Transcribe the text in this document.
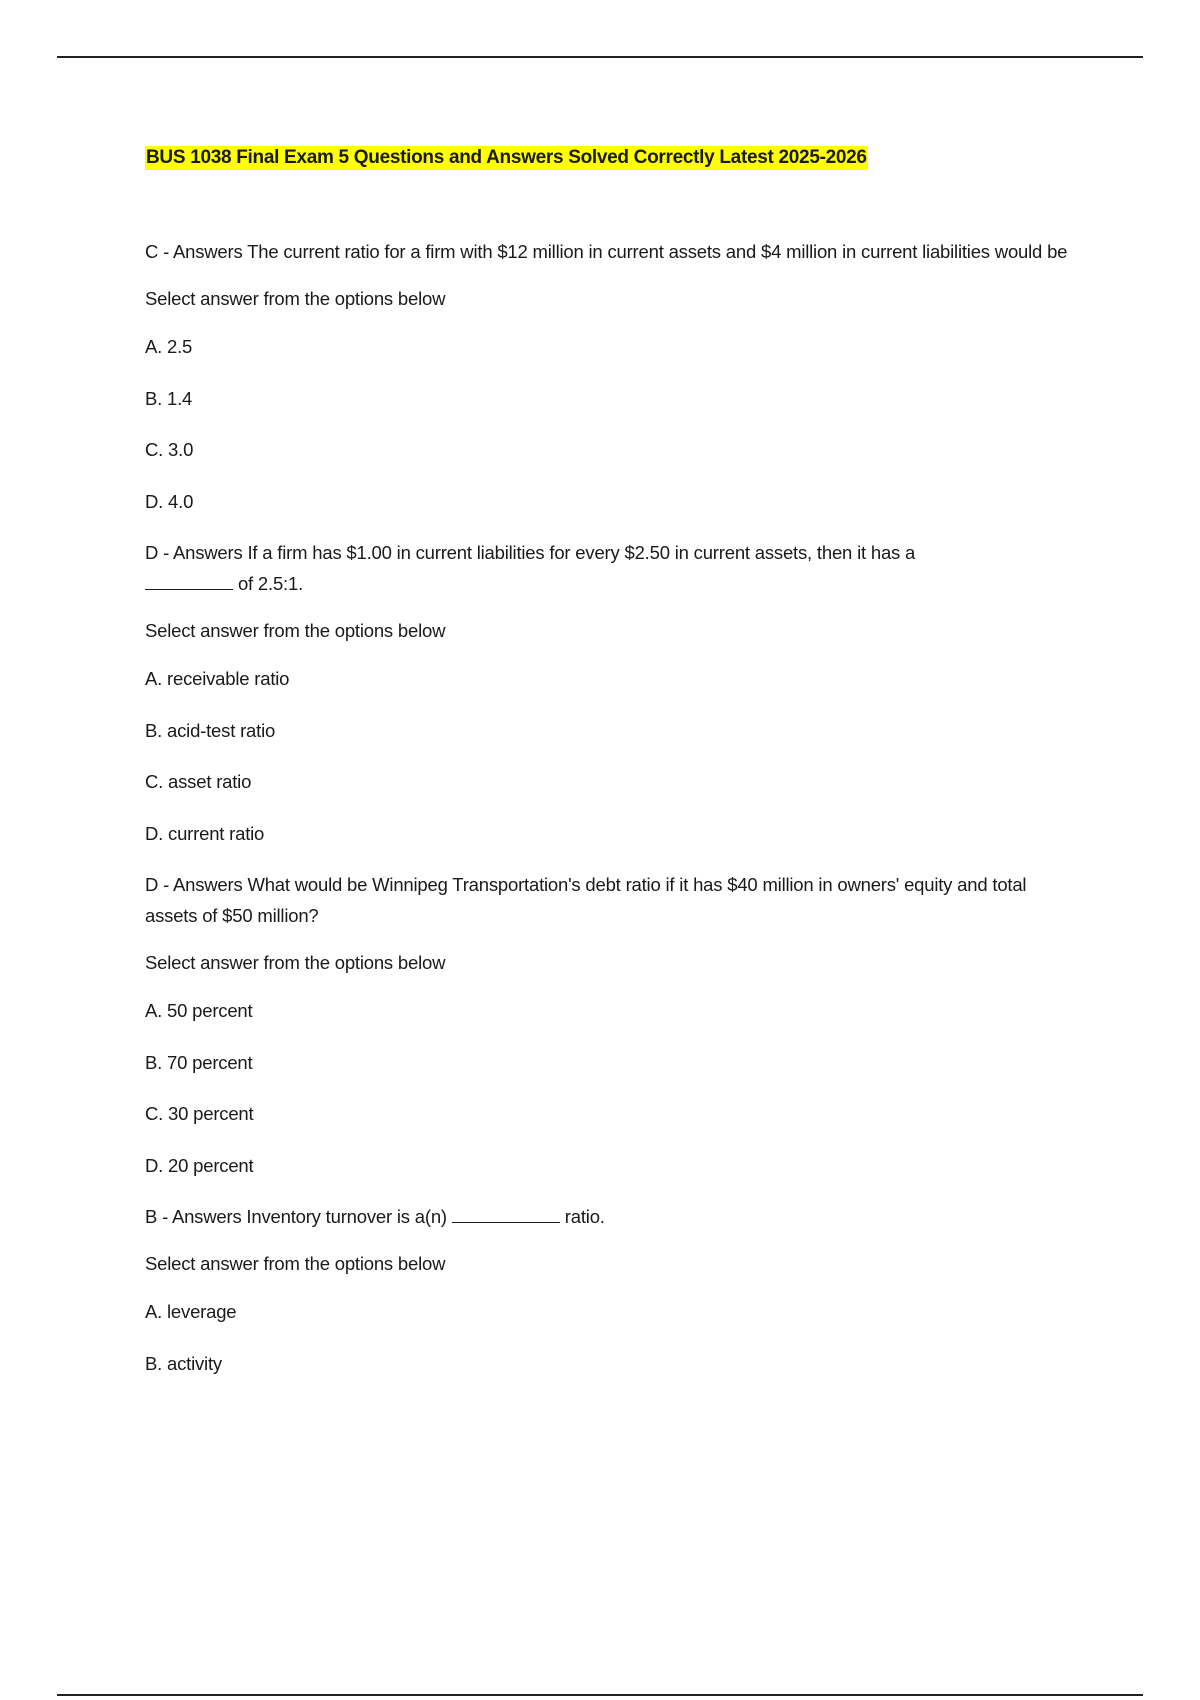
BUS 1038 Final Exam 5 Questions and Answers Solved Correctly Latest 2025-2026
C - Answers The current ratio for a firm with $12 million in current assets and $4 million in current liabilities would be
Select answer from the options below
A. 2.5
B. 1.4
C. 3.0
D. 4.0
D - Answers If a firm has $1.00 in current liabilities for every $2.50 in current assets, then it has a
of 2.5:1.
Select answer from the options below
A. receivable ratio
B. acid-test ratio
C. asset ratio
D. current ratio
D - Answers What would be Winnipeg Transportation's debt ratio if it has $40 million in owners' equity and total assets of $50 million?
Select answer from the options below
A. 50 percent
B. 70 percent
C. 30 percent
D. 20 percent
B - Answers Inventory turnover is a(n)	ratio.
Select answer from the options below
A. leverage
B. activity
